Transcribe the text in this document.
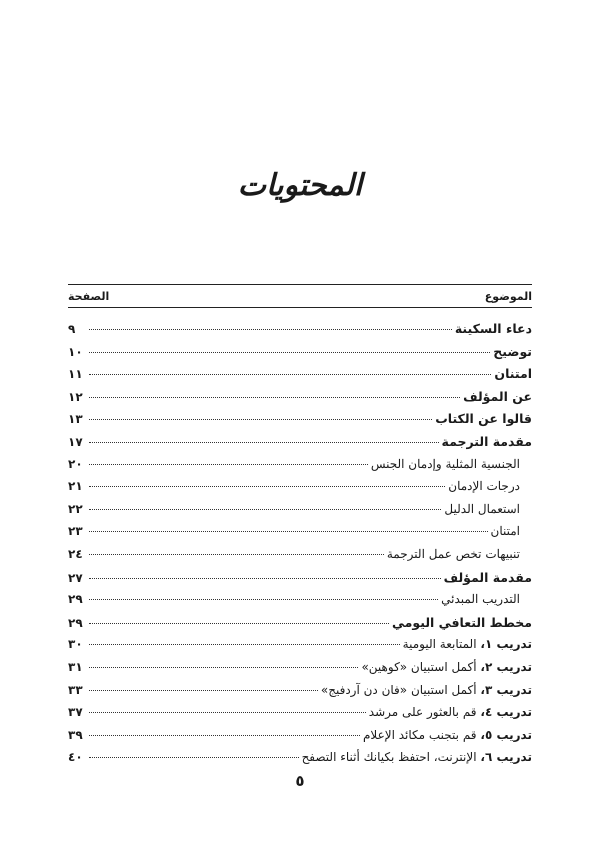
المحتويات
الموضوع
الصفحة
دعاء السكينة
٩
توضيح
١٠
امتنان
١١
عن المؤلف
١٢
قالوا عن الكتاب
١٣
مقدمة الترجمة
١٧
الجنسية المثلية وإدمان الجنس
٢٠
درجات الإدمان
٢١
استعمال الدليل
٢٢
امتنان
٢٣
تنبيهات تخص عمل الترجمة
٢٤
مقدمة المؤلف
٢٧
التدريب المبدئي
٢٩
مخطط التعافي اليومي
٢٩
تدريب ١، المتابعة اليومية
٣٠
تدريب ٢، أكمل استبيان «كوهين»
٣١
تدريب ٣، أكمل استبيان «فان دن آردفيج»
٣٣
تدريب ٤، قم بالعثور على مرشد
٣٧
تدريب ٥، قم بتجنب مكائد الإعلام
٣٩
تدريب ٦، الإنترنت، احتفظ بكيانك أثناء التصفح
٤٠
٥
